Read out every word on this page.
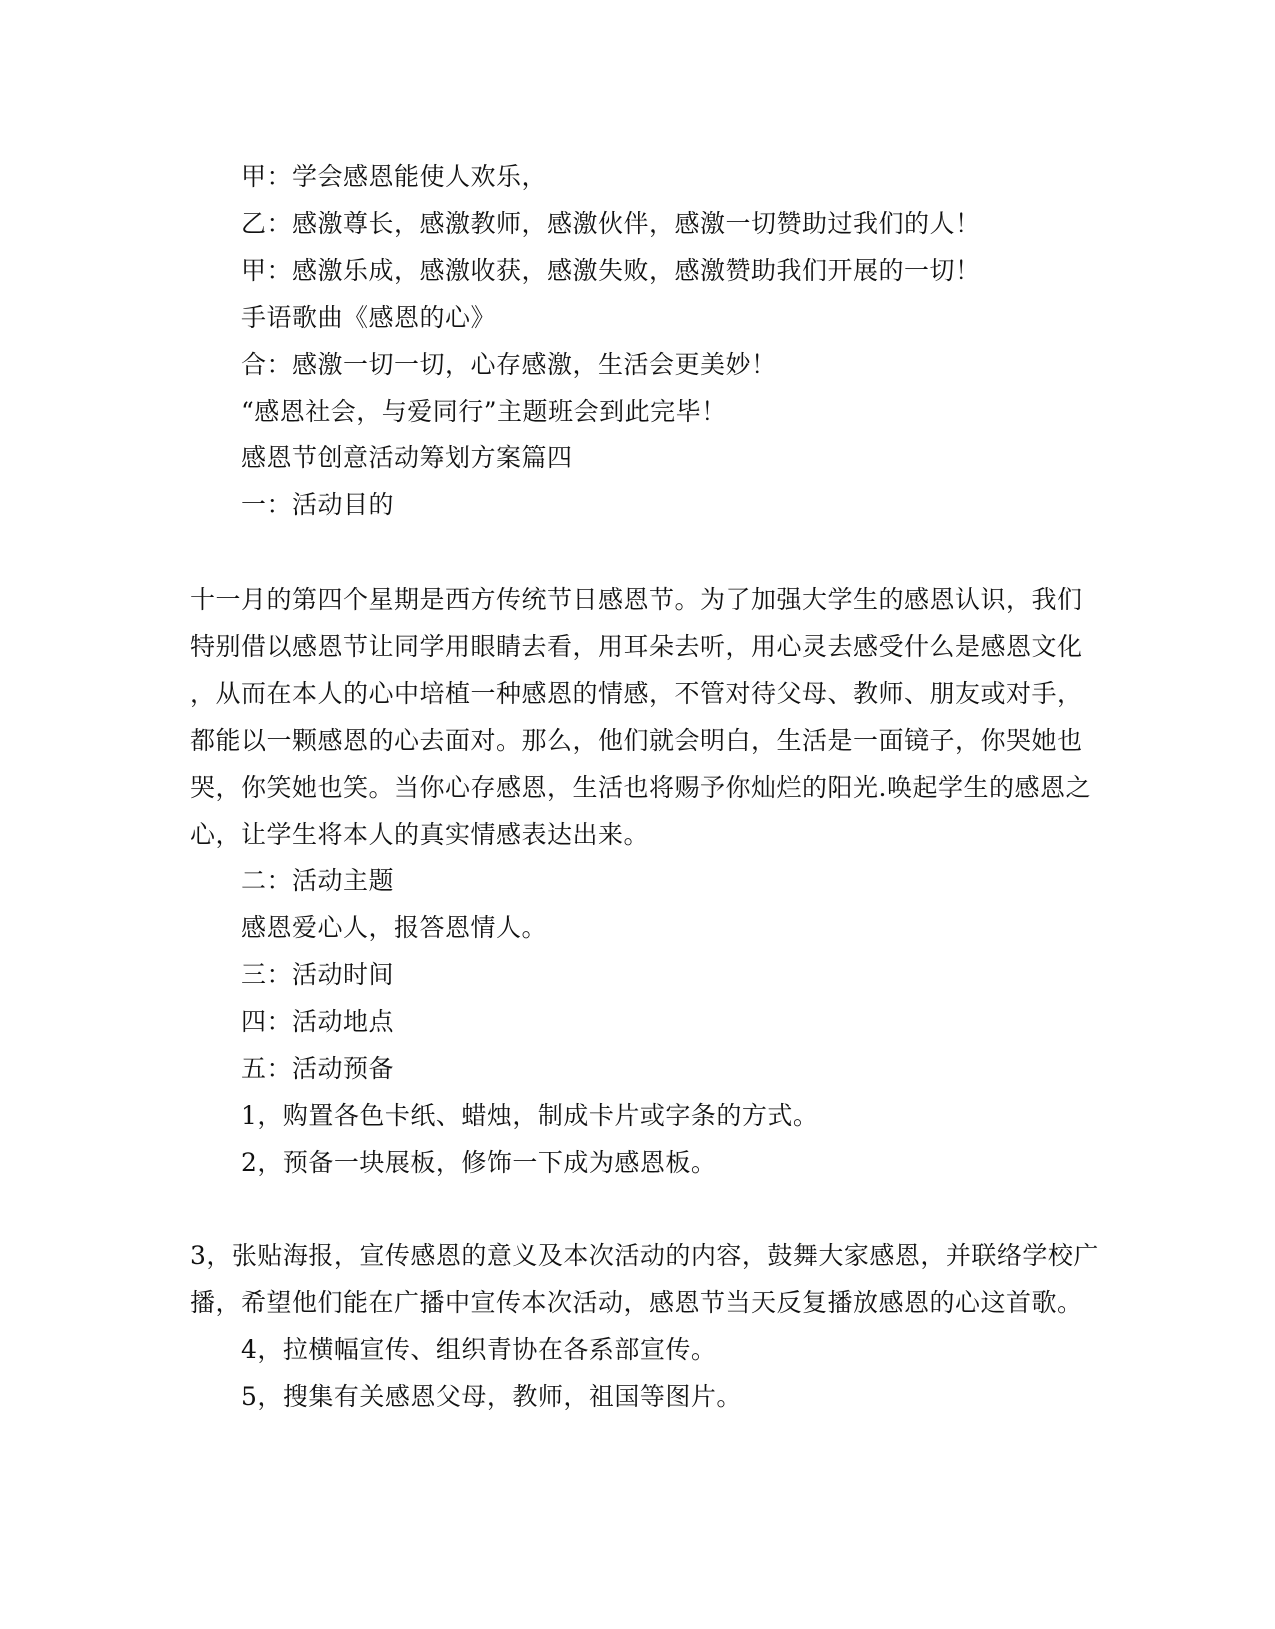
甲：学会感恩能使人欢乐，

乙：感激尊长，感激教师，感激伙伴，感激一切赞助过我们的人！

甲：感激乐成，感激收获，感激失败，感激赞助我们开展的一切！

手语歌曲《感恩的心》

合：感激一切一切，心存感激，生活会更美妙！

“感恩社会，与爱同行”主题班会到此完毕！

感恩节创意活动筹划方案篇四

一：活动目的

十一月的第四个星期是西方传统节日感恩节。为了加强大学生的感恩认识，我们

特别借以感恩节让同学用眼睛去看，用耳朵去听，用心灵去感受什么是感恩文化

，从而在本人的心中培植一种感恩的情感，不管对待父母、教师、朋友或对手，

都能以一颗感恩的心去面对。那么，他们就会明白，生活是一面镜子，你哭她也

哭，你笑她也笑。当你心存感恩，生活也将赐予你灿烂的阳光.唤起学生的感恩之

心，让学生将本人的真实情感表达出来。

二：活动主题

感恩爱心人，报答恩情人。

三：活动时间

四：活动地点

五：活动预备

1，购置各色卡纸、蜡烛，制成卡片或字条的方式。

2，预备一块展板，修饰一下成为感恩板。

3，张贴海报，宣传感恩的意义及本次活动的内容，鼓舞大家感恩，并联络学校广

播，希望他们能在广播中宣传本次活动，感恩节当天反复播放感恩的心这首歌。

4，拉横幅宣传、组织青协在各系部宣传。

5，搜集有关感恩父母，教师，祖国等图片。
